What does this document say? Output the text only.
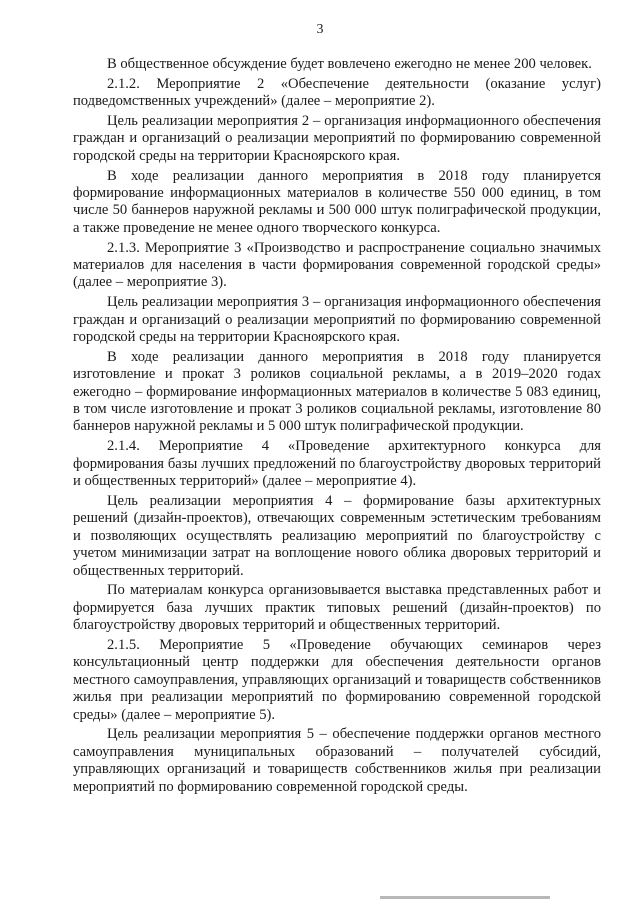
3

В общественное обсуждение будет вовлечено ежегодно не менее 200 человек.

2.1.2. Мероприятие 2 «Обеспечение деятельности (оказание услуг) подведомственных учреждений» (далее – мероприятие 2).

Цель реализации мероприятия 2 – организация информационного обеспечения граждан и организаций о реализации мероприятий по формированию современной городской среды на территории Красноярского края.

В ходе реализации данного мероприятия в 2018 году планируется формирование информационных материалов в количестве 550 000 единиц, в том числе 50 баннеров наружной рекламы и 500 000 штук полиграфической продукции, а также проведение не менее одного творческого конкурса.

2.1.3. Мероприятие 3 «Производство и распространение социально значимых материалов для населения в части формирования современной городской среды» (далее – мероприятие 3).

Цель реализации мероприятия 3 – организация информационного обеспечения граждан и организаций о реализации мероприятий по формированию современной городской среды на территории Красноярского края.

В ходе реализации данного мероприятия в 2018 году планируется изготовление и прокат 3 роликов социальной рекламы, а в 2019–2020 годах ежегодно – формирование информационных материалов в количестве 5 083 единиц, в том числе изготовление и прокат 3 роликов социальной рекламы, изготовление 80 баннеров наружной рекламы и 5 000 штук полиграфической продукции.

2.1.4. Мероприятие 4 «Проведение архитектурного конкурса для формирования базы лучших предложений по благоустройству дворовых территорий и общественных территорий» (далее – мероприятие 4).

Цель реализации мероприятия 4 – формирование базы архитектурных решений (дизайн-проектов), отвечающих современным эстетическим требованиям и позволяющих осуществлять реализацию мероприятий по благоустройству с учетом минимизации затрат на воплощение нового облика дворовых территорий и общественных территорий.

По материалам конкурса организовывается выставка представленных работ и формируется база лучших практик типовых решений (дизайн-проектов) по благоустройству дворовых территорий и общественных территорий.

2.1.5. Мероприятие 5 «Проведение обучающих семинаров через консультационный центр поддержки для обеспечения деятельности органов местного самоуправления, управляющих организаций и товариществ собственников жилья при реализации мероприятий по формированию современной городской среды» (далее – мероприятие 5).

Цель реализации мероприятия 5 – обеспечение поддержки органов местного самоуправления муниципальных образований – получателей субсидий, управляющих организаций и товариществ собственников жилья при реализации мероприятий по формированию современной городской среды.
